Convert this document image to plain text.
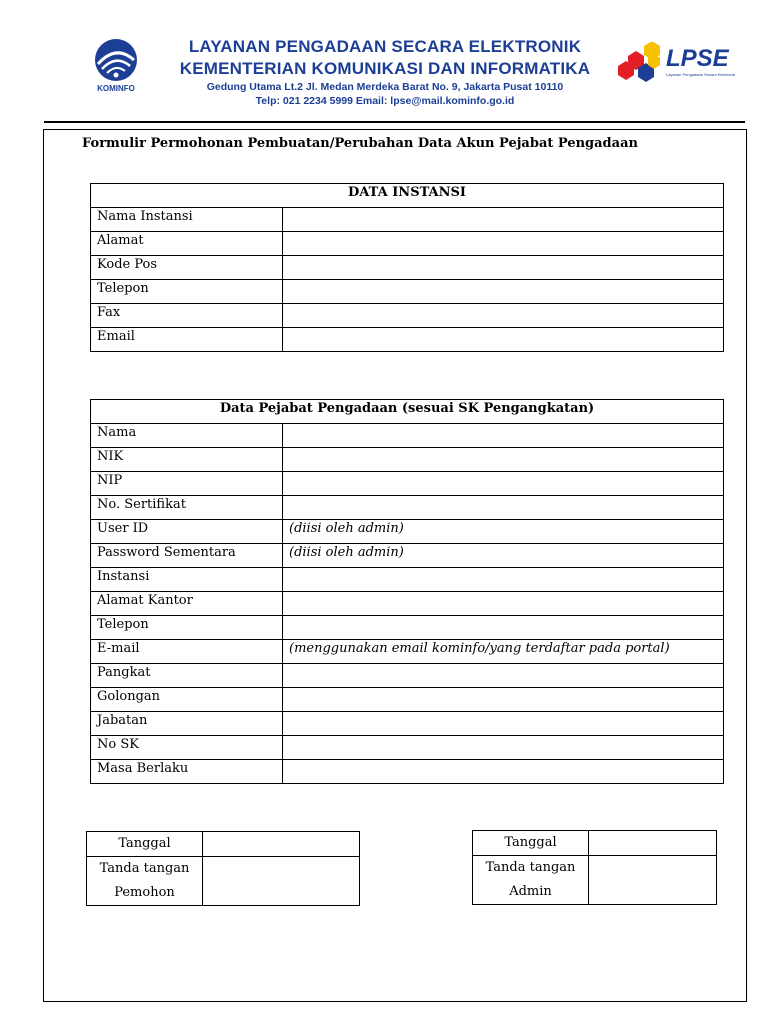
KOMINFO
LAYANAN PENGADAAN SECARA ELEKTRONIK
KEMENTERIAN KOMUNIKASI DAN INFORMATIKA
Gedung Utama Lt.2 Jl. Medan Merdeka Barat No. 9, Jakarta Pusat 10110
Telp: 021 2234 5999 Email: lpse@mail.kominfo.go.id
LPSE
Layanan Pengadaan Secara Elektronik
Formulir Permohonan Pembuatan/Perubahan Data Akun Pejabat Pengadaan
DATA INSTANSI	
Nama Instansi	
Alamat	
Kode Pos	
Telepon	
Fax	
Email	
Data Pejabat Pengadaan (sesuai SK Pengangkatan)	
Nama	
NIK	
NIP	
No. Sertifikat	
User ID	(diisi oleh admin)
Password Sementara	(diisi oleh admin)
Instansi	
Alamat Kantor	
Telepon	
E-mail	(menggunakan email kominfo/yang terdaftar pada portal)
Pangkat	
Golongan	
Jabatan	
No SK	
Masa Berlaku	
Tanggal	

Tanda tangan
Pemohon	

Tanggal	

Tanda tangan
Admin	
